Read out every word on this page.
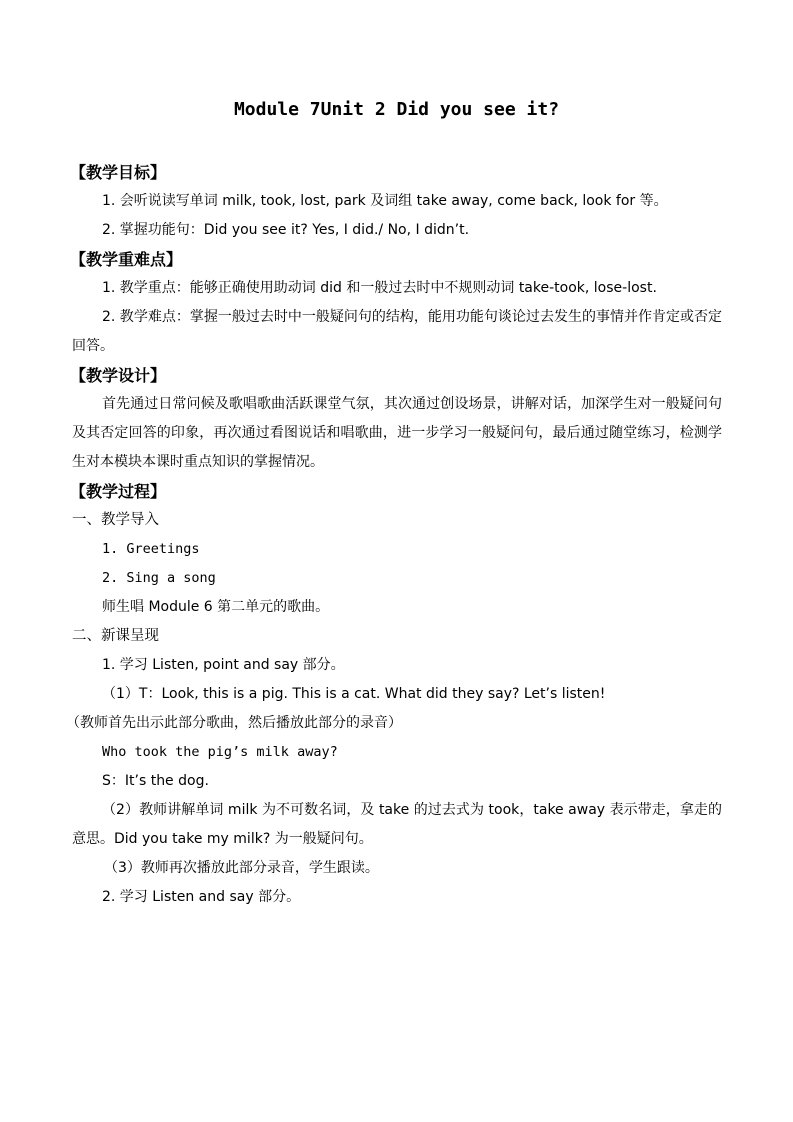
Module 7Unit 2 Did you see it?
【教学目标】
1. 会听说读写单词 milk, took, lost, park 及词组 take away, come back, look for 等。
2. 掌握功能句：Did you see it? Yes, I did./ No, I didn’t.
【教学重难点】
1. 教学重点：能够正确使用助动词 did 和一般过去时中不规则动词 take-took, lose-lost.
2. 教学难点：掌握一般过去时中一般疑问句的结构，能用功能句谈论过去发生的事情并作肯定或否定回答。
【教学设计】
首先通过日常问候及歌唱歌曲活跃课堂气氛，其次通过创设场景，讲解对话，加深学生对一般疑问句及其否定回答的印象，再次通过看图说话和唱歌曲，进一步学习一般疑问句，最后通过随堂练习，检测学生对本模块本课时重点知识的掌握情况。
【教学过程】
一、教学导入
1. Greetings
2. Sing a song
师生唱 Module 6 第二单元的歌曲。
二、新课呈现
1. 学习 Listen, point and say 部分。
（1）T：Look, this is a pig. This is a cat. What did they say? Let’s listen!
（教师首先出示此部分歌曲，然后播放此部分的录音）
Who took the pig’s milk away?
S：It’s the dog.
（2）教师讲解单词 milk 为不可数名词，及 take 的过去式为 took，take away 表示带走，拿走的意思。Did you take my milk? 为一般疑问句。
（3）教师再次播放此部分录音，学生跟读。
2. 学习 Listen and say 部分。
